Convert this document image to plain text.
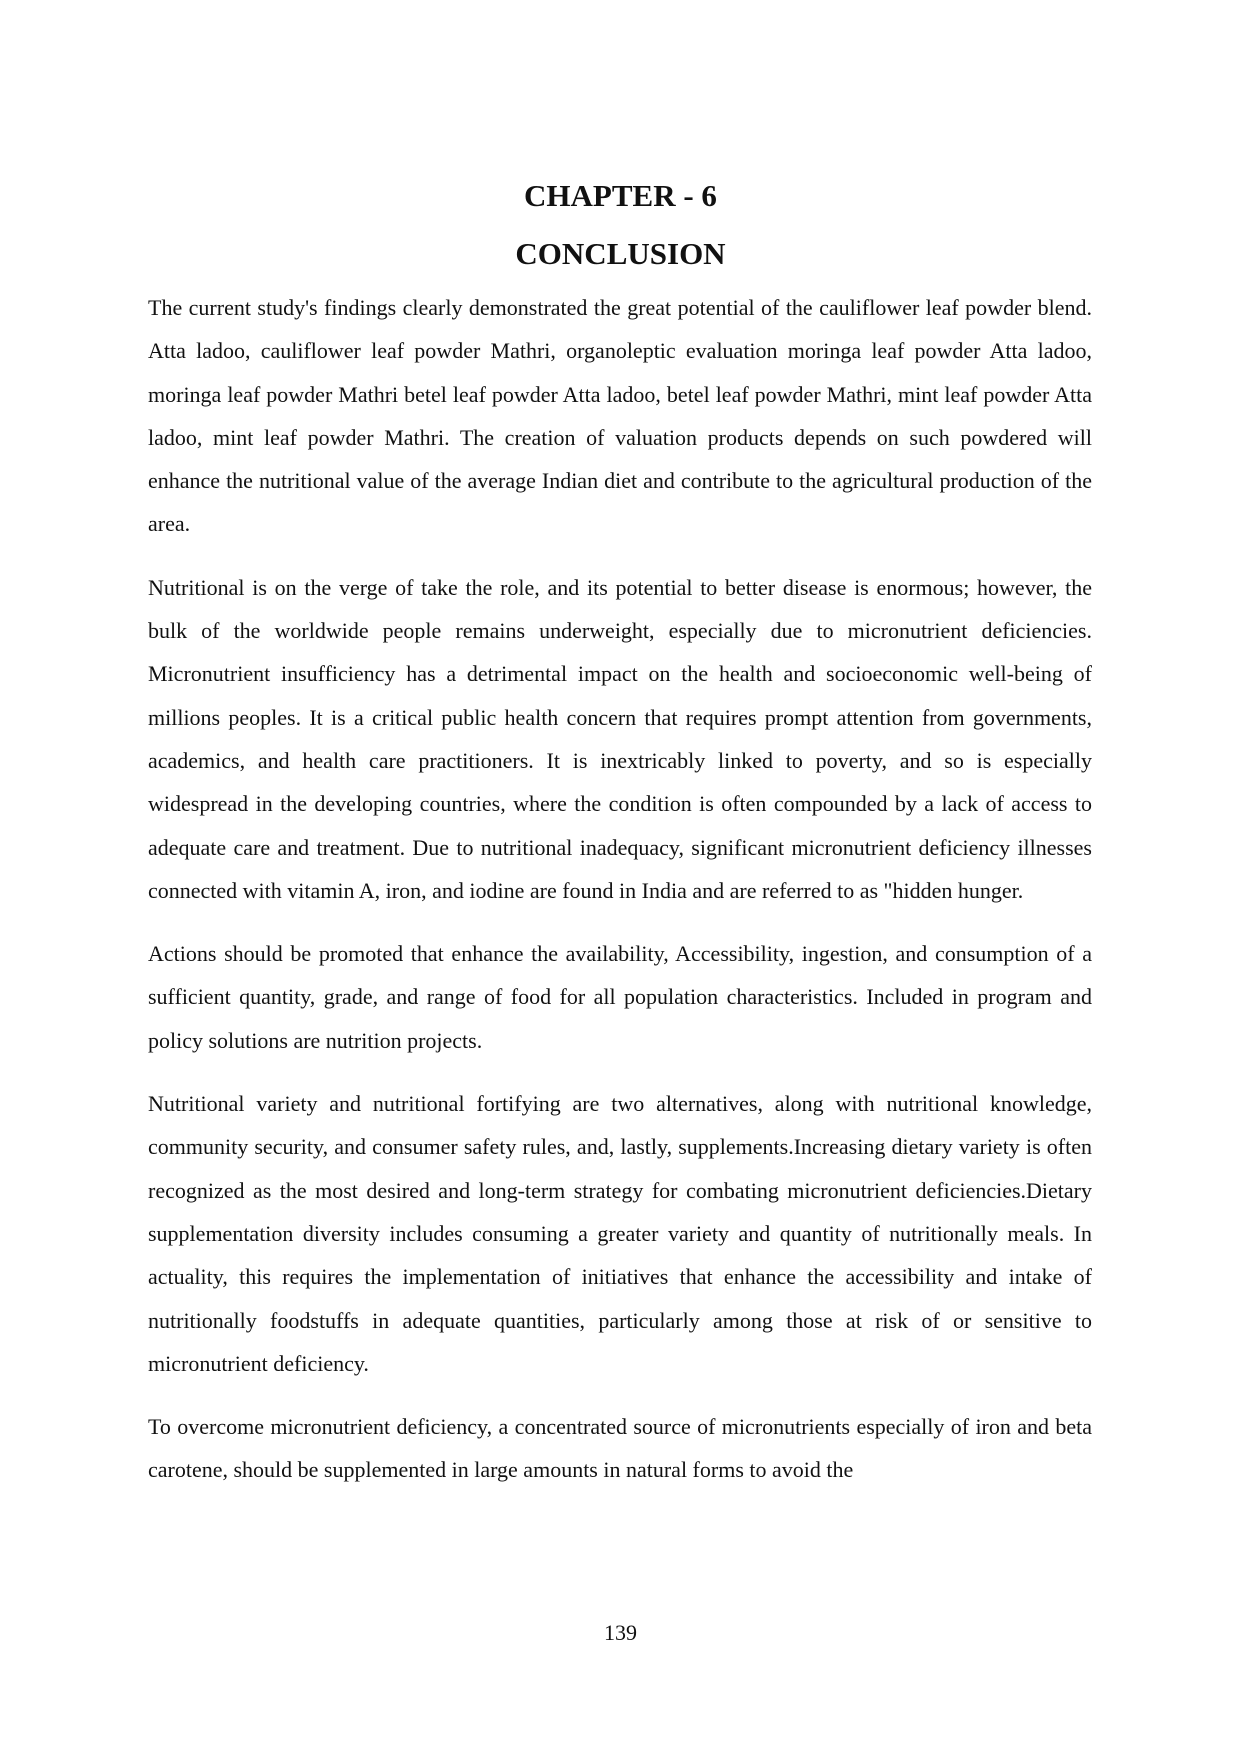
CHAPTER - 6
CONCLUSION

The current study's findings clearly demonstrated the great potential of the cauliflower leaf powder blend. Atta ladoo, cauliflower leaf powder Mathri, organoleptic evaluation moringa leaf powder Atta ladoo, moringa leaf powder Mathri betel leaf powder Atta ladoo, betel leaf powder Mathri, mint leaf powder Atta ladoo, mint leaf powder Mathri. The creation of valuation products depends on such powdered will enhance the nutritional value of the average Indian diet and contribute to the agricultural production of the area.

Nutritional is on the verge of take the role, and its potential to better disease is enormous; however, the bulk of the worldwide people remains underweight, especially due to micronutrient deficiencies. Micronutrient insufficiency has a detrimental impact on the health and socioeconomic well-being of millions peoples. It is a critical public health concern that requires prompt attention from governments, academics, and health care practitioners. It is inextricably linked to poverty, and so is especially widespread in the developing countries, where the condition is often compounded by a lack of access to adequate care and treatment. Due to nutritional inadequacy, significant micronutrient deficiency illnesses connected with vitamin A, iron, and iodine are found in India and are referred to as "hidden hunger.

Actions should be promoted that enhance the availability, Accessibility, ingestion, and consumption of a sufficient quantity, grade, and range of food for all population characteristics. Included in program and policy solutions are nutrition projects.

Nutritional variety and nutritional fortifying are two alternatives, along with nutritional knowledge, community security, and consumer safety rules, and, lastly, supplements.Increasing dietary variety is often recognized as the most desired and long-term strategy for combating micronutrient deficiencies.Dietary supplementation diversity includes consuming a greater variety and quantity of nutritionally meals. In actuality, this requires the implementation of initiatives that enhance the accessibility and intake of nutritionally foodstuffs in adequate quantities, particularly among those at risk of or sensitive to micronutrient deficiency.

To overcome micronutrient deficiency, a concentrated source of micronutrients especially of iron and beta carotene, should be supplemented in large amounts in natural forms to avoid the

139
